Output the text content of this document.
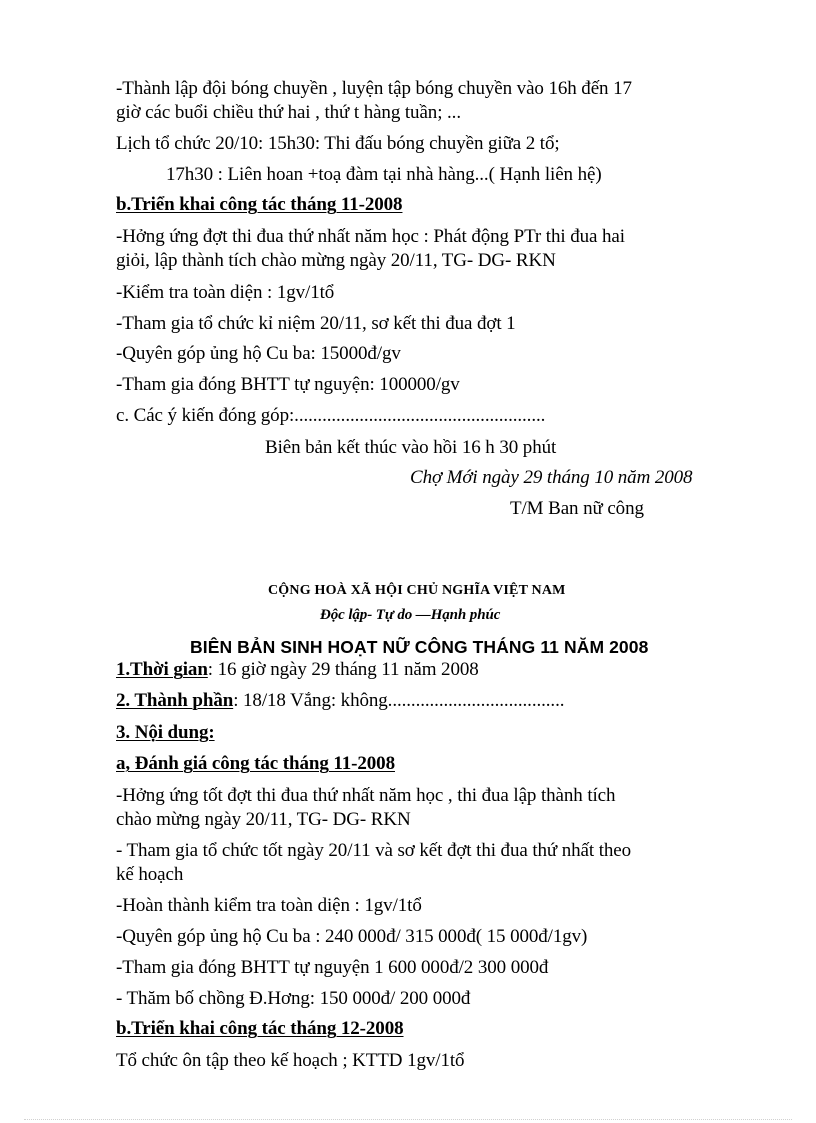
-Thành lập đội bóng chuyền , luyện tập bóng chuyền vào 16h đến 17
giờ các buổi chiều thứ hai , thứ t hàng tuần; ...
Lịch tổ chức 20/10: 15h30: Thi đấu bóng chuyền giữa 2 tổ;
17h30 : Liên hoan +toạ đàm tại nhà hàng...( Hạnh liên hệ)
b.Triển khai công tác tháng 11-2008
-Hởng ứng đợt thi đua thứ nhất năm học : Phát động PTr thi đua hai
giỏi, lập thành tích chào mừng ngày 20/11, TG- DG- RKN
-Kiểm tra toàn diện : 1gv/1tổ
-Tham gia tổ chức kỉ niệm 20/11, sơ kết thi đua đợt 1
-Quyên góp ủng hộ Cu ba: 15000đ/gv
-Tham gia đóng BHTT tự nguyện: 100000/gv
c. Các ý kiến đóng góp:......................................................
Biên bản kết thúc vào hồi 16 h 30 phút
Chợ Mới ngày 29 tháng 10 năm 2008
T/M Ban nữ công
CỘNG HOÀ XÃ HỘI CHỦ NGHĨA VIỆT NAM
Độc lập- Tự do —Hạnh phúc
BIÊN BẢN SINH HOẠT NỮ CÔNG THÁNG 11 NĂM 2008
1.Thời gian: 16 giờ ngày 29 tháng 11 năm 2008
2. Thành phần: 18/18 Vắng: không......................................
3. Nội dung:
a, Đánh giá công tác tháng 11-2008
-Hởng ứng tốt đợt thi đua thứ nhất năm học , thi đua lập thành tích
chào mừng ngày 20/11, TG- DG- RKN
- Tham gia tổ chức tốt ngày 20/11 và sơ kết đợt thi đua thứ nhất theo
kế hoạch
-Hoàn thành kiểm tra toàn diện : 1gv/1tổ
-Quyên góp ủng hộ Cu ba : 240 000đ/ 315 000đ( 15 000đ/1gv)
-Tham gia đóng BHTT tự nguyện 1 600 000đ/2 300 000đ
- Thăm bố chồng Đ.Hơng: 150 000đ/ 200 000đ
b.Triển khai công tác tháng 12-2008
Tổ chức ôn tập theo kế hoạch ; KTTD 1gv/1tổ
